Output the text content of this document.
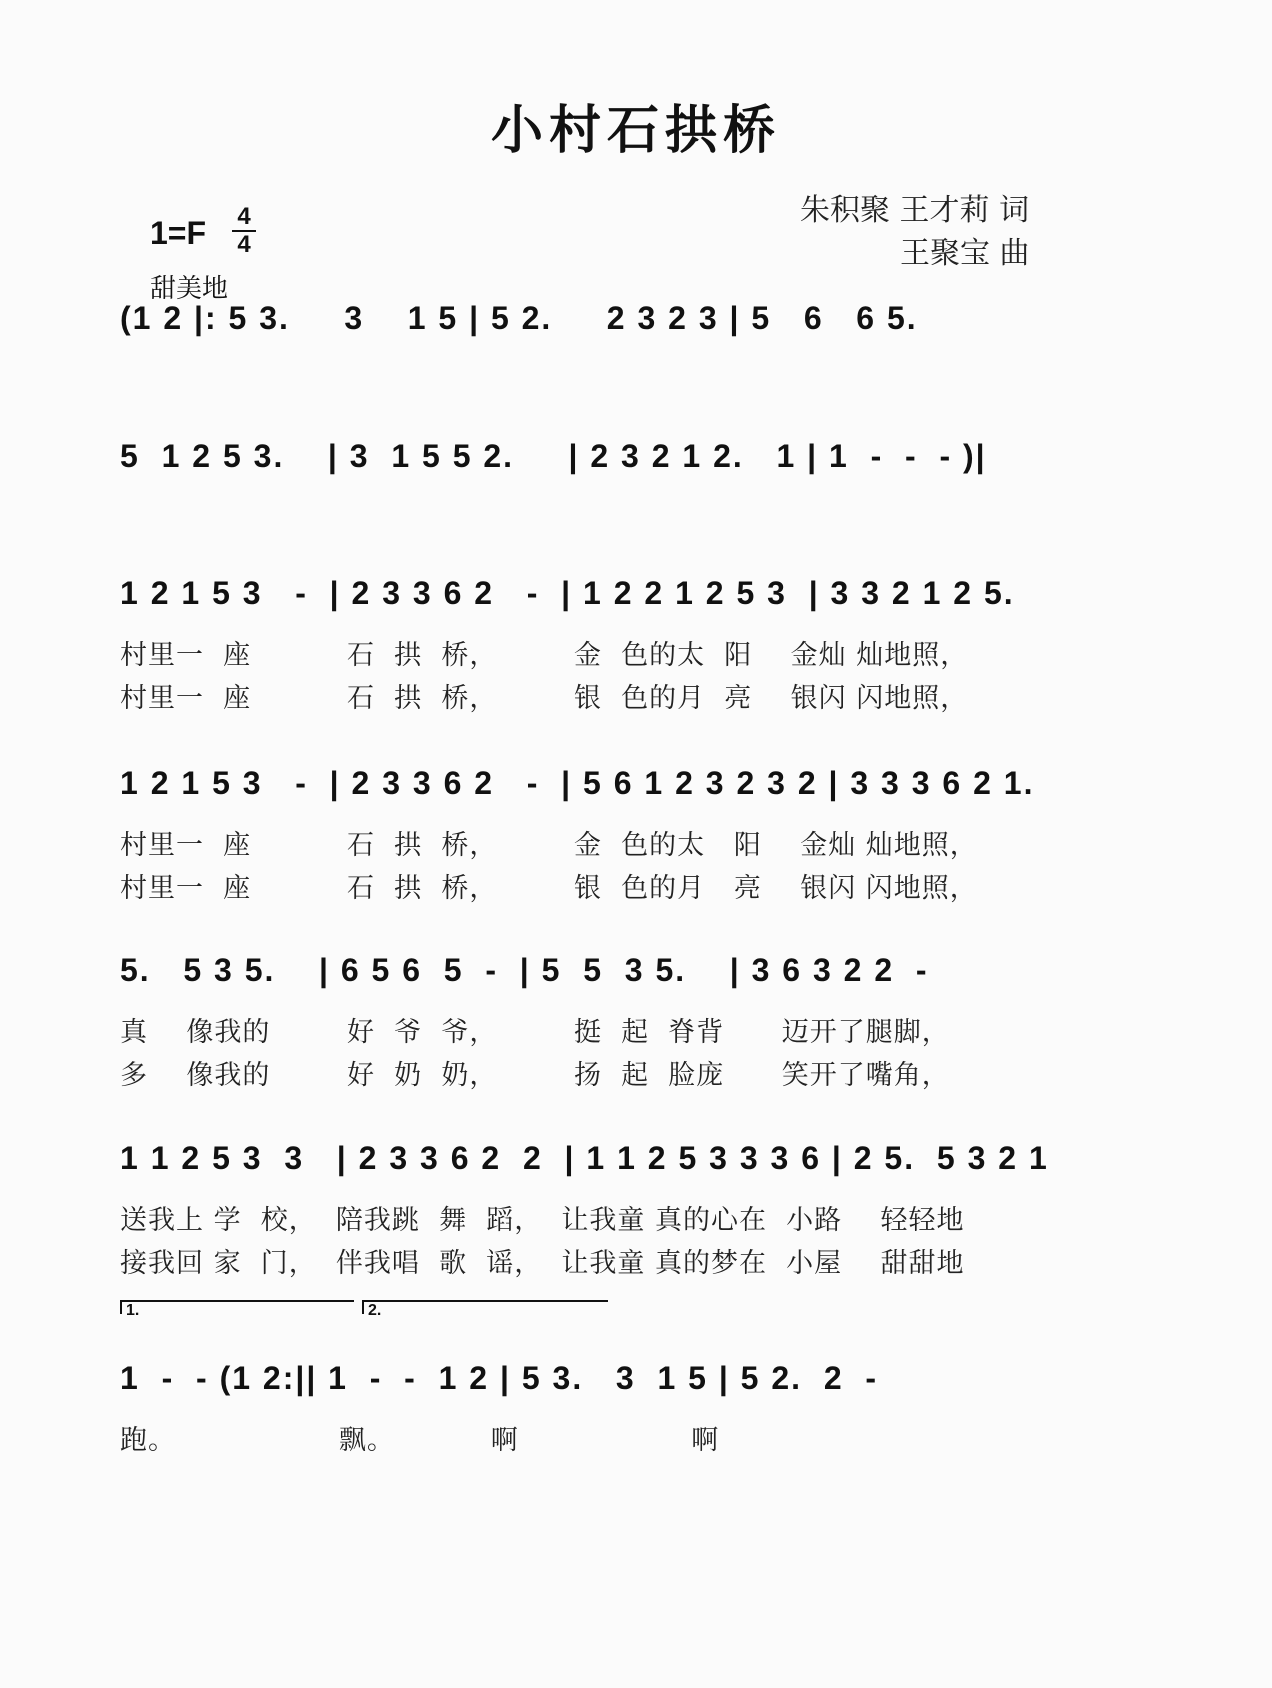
小村石拱桥
朱积聚 王才莉 词
王聚宝 曲
1=F 4
4
甜美地
(1 2 |: 5 3.     3    1 5 | 5 2.     2 3 2 3 | 5   6   6 5.
5  1 2 5 3.    | 3  1 5 5 2.     | 2 3 2 1 2.   1 | 1  -  -  - )|
1 2 1 5 3   -  | 2 3 3 6 2   -  | 1 2 2 1 2 5 3  | 3 3 2 1 2 5.
村里一  座          石  拱  桥，        金  色的太  阳    金灿 灿地照，
村里一  座          石  拱  桥，        银  色的月  亮    银闪 闪地照，
1 2 1 5 3   -  | 2 3 3 6 2   -  | 5 6 1 2 3 2 3 2 | 3 3 3 6 2 1.
村里一  座          石  拱  桥，        金  色的太   阳    金灿 灿地照，
村里一  座          石  拱  桥，        银  色的月   亮    银闪 闪地照，
5.   5 3 5.    | 6 5 6  5  -  | 5  5  3 5.    | 3 6 3 2 2  -
真    像我的        好  爷  爷，        挺  起  脊背      迈开了腿脚，
多    像我的        好  奶  奶，        扬  起  脸庞      笑开了嘴角，
1 1 2 5 3  3   | 2 3 3 6 2  2  | 1 1 2 5 3 3 3 6 | 2 5.  5 3 2 1
送我上 学  校，  陪我跳  舞  蹈，  让我童 真的心在  小路    轻轻地
接我回 家  门，  伴我唱  歌  谣，  让我童 真的梦在  小屋    甜甜地
1.	2.
1  -  - (1 2:|| 1  -  -  1 2 | 5 3.   3  1 5 | 5 2.  2  -
跑。                 飘。          啊                  啊
